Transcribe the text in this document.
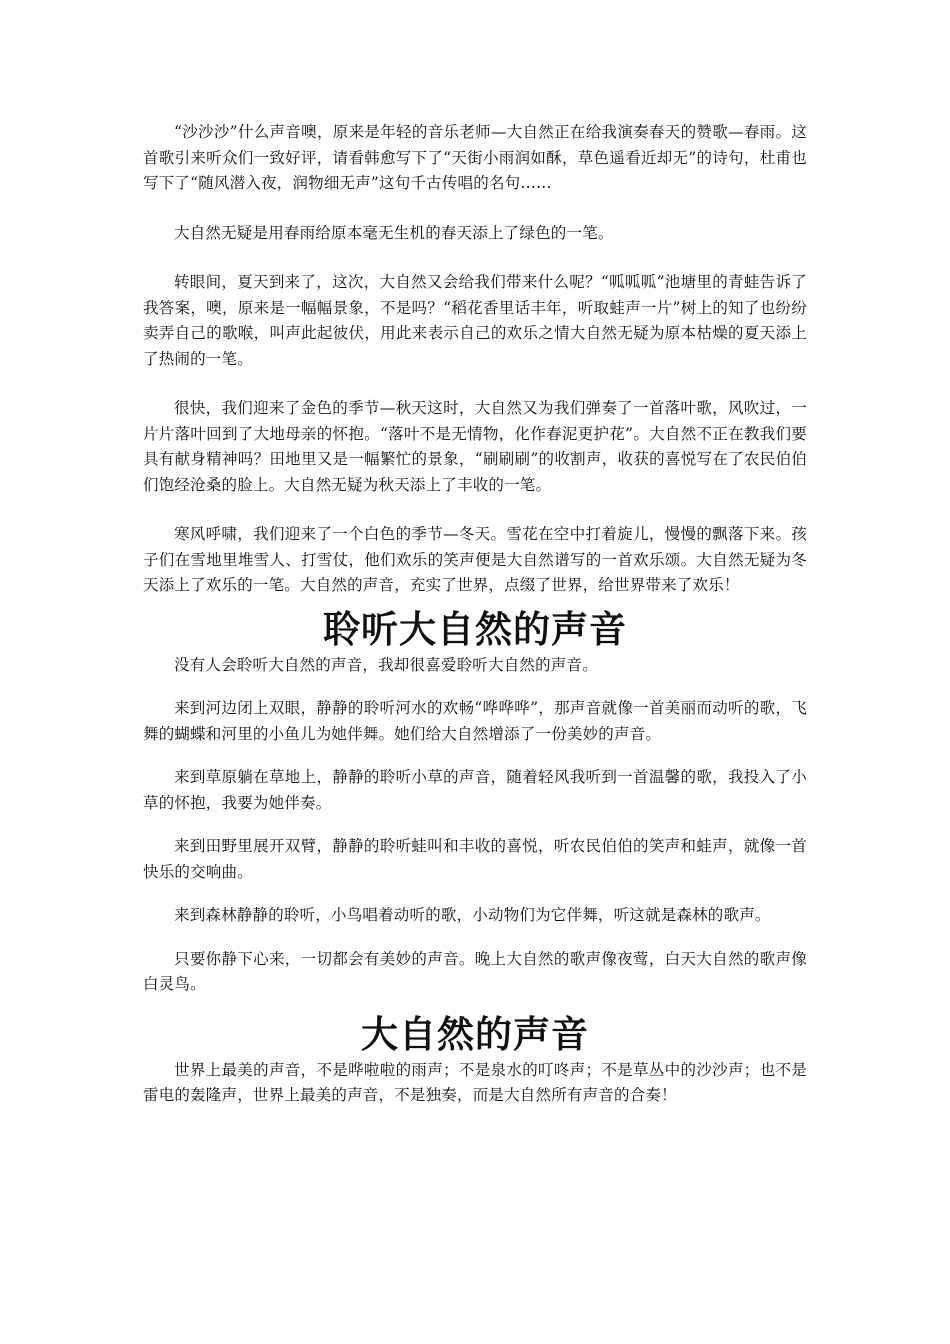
“沙沙沙”什么声音噢，原来是年轻的音乐老师—大自然正在给我演奏春天的赞歌—春雨。这首歌引来听众们一致好评，请看韩愈写下了“天街小雨润如酥，草色遥看近却无”的诗句，杜甫也写下了“随风潜入夜，润物细无声”这句千古传唱的名句……

大自然无疑是用春雨给原本毫无生机的春天添上了绿色的一笔。

转眼间，夏天到来了，这次，大自然又会给我们带来什么呢？“呱呱呱”池塘里的青蛙告诉了我答案，噢，原来是一幅幅景象，不是吗？“稻花香里话丰年，听取蛙声一片”树上的知了也纷纷卖弄自己的歌喉，叫声此起彼伏，用此来表示自己的欢乐之情大自然无疑为原本枯燥的夏天添上了热闹的一笔。

很快，我们迎来了金色的季节—秋天这时，大自然又为我们弹奏了一首落叶歌，风吹过，一片片落叶回到了大地母亲的怀抱。“落叶不是无情物，化作春泥更护花”。大自然不正在教我们要具有献身精神吗？田地里又是一幅繁忙的景象，“刷刷刷”的收割声，收获的喜悦写在了农民伯伯们饱经沧桑的脸上。大自然无疑为秋天添上了丰收的一笔。

寒风呼啸，我们迎来了一个白色的季节—冬天。雪花在空中打着旋儿，慢慢的飘落下来。孩子们在雪地里堆雪人、打雪仗，他们欢乐的笑声便是大自然谱写的一首欢乐颂。大自然无疑为冬天添上了欢乐的一笔。大自然的声音，充实了世界，点缀了世界，给世界带来了欢乐！

聆听大自然的声音

没有人会聆听大自然的声音，我却很喜爱聆听大自然的声音。

来到河边闭上双眼，静静的聆听河水的欢畅“哗哗哗”，那声音就像一首美丽而动听的歌，飞舞的蝴蝶和河里的小鱼儿为她伴舞。她们给大自然增添了一份美妙的声音。

来到草原躺在草地上，静静的聆听小草的声音，随着轻风我听到一首温馨的歌，我投入了小草的怀抱，我要为她伴奏。

来到田野里展开双臂，静静的聆听蛙叫和丰收的喜悦，听农民伯伯的笑声和蛙声，就像一首快乐的交响曲。

来到森林静静的聆听，小鸟唱着动听的歌，小动物们为它伴舞，听这就是森林的歌声。

只要你静下心来，一切都会有美妙的声音。晚上大自然的歌声像夜莺，白天大自然的歌声像白灵鸟。

大自然的声音

世界上最美的声音，不是哗啦啦的雨声；不是泉水的叮咚声；不是草丛中的沙沙声；也不是雷电的轰隆声，世界上最美的声音，不是独奏，而是大自然所有声音的合奏！
